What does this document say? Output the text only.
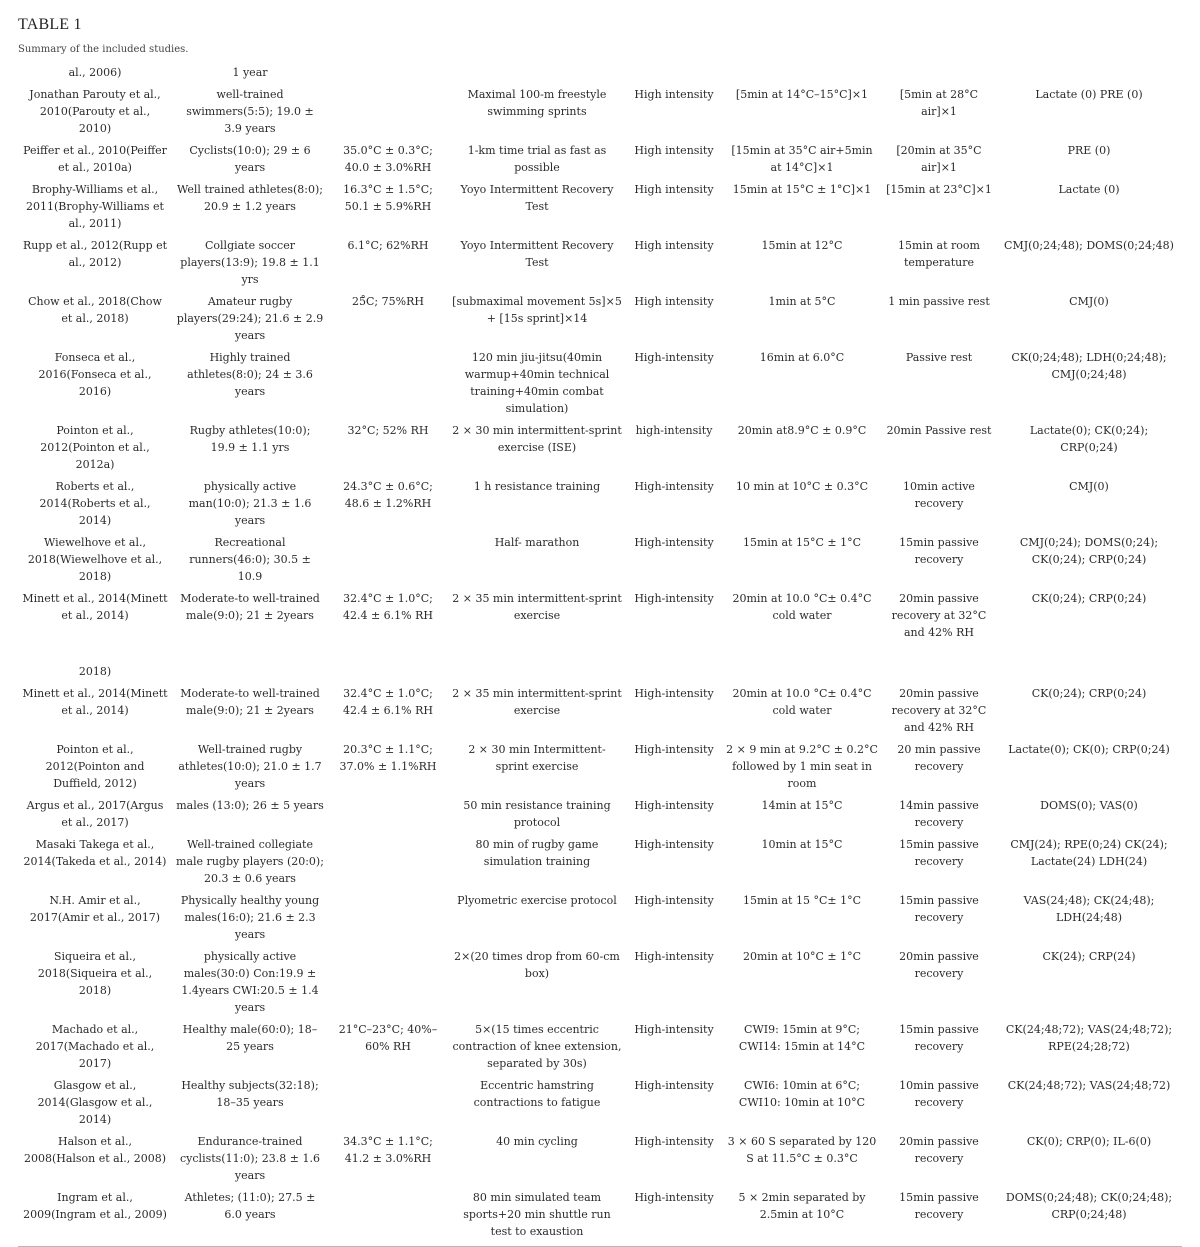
TABLE 1
Summary of the included studies.
al., 2006)	1 year						
Jonathan Parouty et al., 2010(Parouty et al., 2010)	well-trained swimmers(5:5); 19.0 ± 3.9 years		Maximal 100-m freestyle swimming sprints	High intensity	[5min at 14°C–15°C]×1	[5min at 28°C air]×1	Lactate (0) PRE (0)
Peiffer et al., 2010(Peiffer et al., 2010a)	Cyclists(10:0); 29 ± 6 years	35.0°C ± 0.3°C; 40.0 ± 3.0%RH	1-km time trial as fast as possible	High intensity	[15min at 35°C air+5min at 14°C]×1	[20min at 35°C air]×1	PRE (0)
Brophy-Williams et al., 2011(Brophy-Williams et al., 2011)	Well trained athletes(8:0); 20.9 ± 1.2 years	16.3°C ± 1.5°C; 50.1 ± 5.9%RH	Yoyo Intermittent Recovery Test	High intensity	15min at 15°C ± 1°C]×1	[15min at 23°C]×1	Lactate (0)
Rupp et al., 2012(Rupp et al., 2012)	Collgiate soccer players(13:9); 19.8 ± 1.1 yrs	6.1°C; 62%RH	Yoyo Intermittent Recovery Test	High intensity	15min at 12°C	15min at room temperature	CMJ(0;24;48); DOMS(0;24;48)
Chow et al., 2018(Chow et al., 2018)	Amateur rugby players(29:24); 21.6 ± 2.9 years	25̊C; 75%RH	[submaximal movement 5s]×5 + [15s sprint]×14	High intensity	1min at 5°C	1 min passive rest	CMJ(0)
Fonseca et al., 2016(Fonseca et al., 2016)	Highly trained athletes(8:0); 24 ± 3.6 years		120 min jiu-jitsu(40min warmup+40min technical training+40min combat simulation)	High-intensity	16min at 6.0°C	Passive rest	CK(0;24;48); LDH(0;24;48); CMJ(0;24;48)
Pointon et al., 2012(Pointon et al., 2012a)	Rugby athletes(10:0); 19.9 ± 1.1 yrs	32°C; 52% RH	2 × 30 min intermittent-sprint exercise (ISE)	high-intensity	20min at8.9°C ± 0.9°C	20min Passive rest	Lactate(0); CK(0;24); CRP(0;24)
Roberts et al., 2014(Roberts et al., 2014)	physically active man(10:0); 21.3 ± 1.6 years	24.3°C ± 0.6°C; 48.6 ± 1.2%RH	1 h resistance training	High-intensity	10 min at 10°C ± 0.3°C	10min active recovery	CMJ(0)
Wiewelhove et al., 2018(Wiewelhove et al., 2018)	Recreational runners(46:0); 30.5 ± 10.9		Half- marathon	High-intensity	15min at 15°C ± 1°C	15min passive recovery	CMJ(0;24); DOMS(0;24); CK(0;24); CRP(0;24)
Minett et al., 2014(Minett et al., 2014)	Moderate-to well-trained male(9:0); 21 ± 2years	32.4°C ± 1.0°C; 42.4 ± 6.1% RH	2 × 35 min intermittent-sprint exercise	High-intensity	20min at 10.0 °C± 0.4°C cold water	20min passive recovery at 32°C and 42% RH	CK(0;24); CRP(0;24)

2018)							
Minett et al., 2014(Minett et al., 2014)	Moderate-to well-trained male(9:0); 21 ± 2years	32.4°C ± 1.0°C; 42.4 ± 6.1% RH	2 × 35 min intermittent-sprint exercise	High-intensity	20min at 10.0 °C± 0.4°C cold water	20min passive recovery at 32°C and 42% RH	CK(0;24); CRP(0;24)
Pointon et al., 2012(Pointon and Duffield, 2012)	Well-trained rugby athletes(10:0); 21.0 ± 1.7 years	20.3°C ± 1.1°C; 37.0% ± 1.1%RH	2 × 30 min Intermittent-sprint exercise	High-intensity	2 × 9 min at 9.2°C ± 0.2°C followed by 1 min seat in room	20 min passive recovery	Lactate(0); CK(0); CRP(0;24)
Argus et al., 2017(Argus et al., 2017)	males (13:0); 26 ± 5 years		50 min resistance training protocol	High-intensity	14min at 15°C	14min passive recovery	DOMS(0); VAS(0)
Masaki Takega et al., 2014(Takeda et al., 2014)	Well-trained collegiate male rugby players (20:0); 20.3 ± 0.6 years		80 min of rugby game simulation training	High-intensity	10min at 15°C	15min passive recovery	CMJ(24); RPE(0;24) CK(24); Lactate(24) LDH(24)
N.H. Amir et al., 2017(Amir et al., 2017)	Physically healthy young males(16:0); 21.6 ± 2.3 years		Plyometric exercise protocol	High-intensity	15min at 15 °C± 1°C	15min passive recovery	VAS(24;48); CK(24;48); LDH(24;48)
Siqueira et al., 2018(Siqueira et al., 2018)	physically active males(30:0) Con:19.9 ± 1.4years CWI:20.5 ± 1.4 years		2×(20 times drop from 60-cm box)	High-intensity	20min at 10°C ± 1°C	20min passive recovery	CK(24); CRP(24)
Machado et al., 2017(Machado et al., 2017)	Healthy male(60:0); 18–25 years	21°C–23°C; 40%–60% RH	5×(15 times eccentric contraction of knee extension, separated by 30s)	High-intensity	CWI9: 15min at 9°C; CWI14: 15min at 14°C	15min passive recovery	CK(24;48;72); VAS(24;48;72); RPE(24;28;72)
Glasgow et al., 2014(Glasgow et al., 2014)	Healthy subjects(32:18); 18–35 years		Eccentric hamstring contractions to fatigue	High-intensity	CWI6: 10min at 6°C; CWI10: 10min at 10°C	10min passive recovery	CK(24;48;72); VAS(24;48;72)
Halson et al., 2008(Halson et al., 2008)	Endurance-trained cyclists(11:0); 23.8 ± 1.6 years	34.3°C ± 1.1°C; 41.2 ± 3.0%RH	40 min cycling	High-intensity	3 × 60 S separated by 120 S at 11.5°C ± 0.3°C	20min passive recovery	CK(0); CRP(0); IL-6(0)
Ingram et al., 2009(Ingram et al., 2009)	Athletes; (11:0); 27.5 ± 6.0 years		80 min simulated team sports+20 min shuttle run test to exaustion	High-intensity	5 × 2min separated by 2.5min at 10°C	15min passive recovery	DOMS(0;24;48); CK(0;24;48); CRP(0;24;48)
